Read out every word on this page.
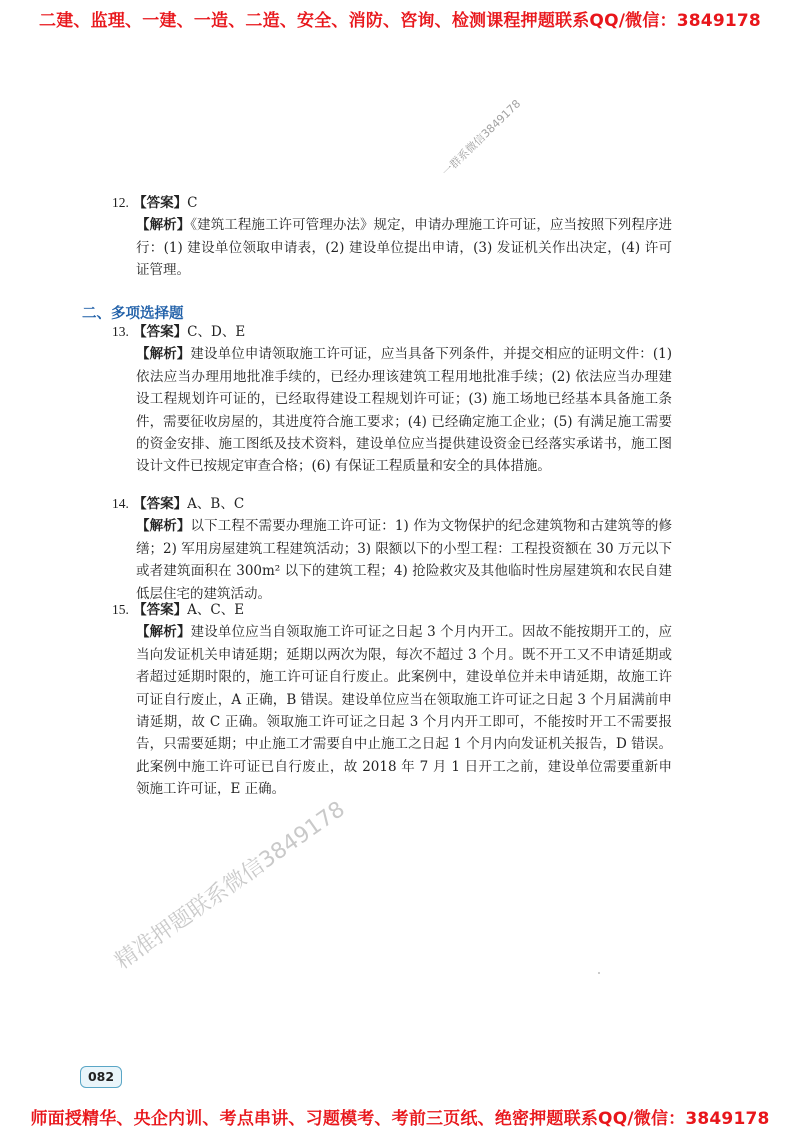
二建、监理、一建、一造、二造、安全、消防、咨询、检测课程押题联系QQ/微信：3849178
一群系微信3849178
12. 【答案】C
【解析】《建筑工程施工许可管理办法》规定，申请办理施工许可证，应当按照下列程序进行：(1) 建设单位领取申请表，(2) 建设单位提出申请，(3) 发证机关作出决定，(4) 许可证管理。
二、多项选择题
13. 【答案】C、D、E
【解析】建设单位申请领取施工许可证，应当具备下列条件，并提交相应的证明文件：(1) 依法应当办理用地批准手续的，已经办理该建筑工程用地批准手续；(2) 依法应当办理建设工程规划许可证的，已经取得建设工程规划许可证；(3) 施工场地已经基本具备施工条件，需要征收房屋的，其进度符合施工要求；(4) 已经确定施工企业；(5) 有满足施工需要的资金安排、施工图纸及技术资料，建设单位应当提供建设资金已经落实承诺书，施工图设计文件已按规定审查合格；(6) 有保证工程质量和安全的具体措施。
14. 【答案】A、B、C
【解析】以下工程不需要办理施工许可证：1) 作为文物保护的纪念建筑物和古建筑等的修缮；2) 军用房屋建筑工程建筑活动；3) 限额以下的小型工程：工程投资额在 30 万元以下或者建筑面积在 300m² 以下的建筑工程；4) 抢险救灾及其他临时性房屋建筑和农民自建低层住宅的建筑活动。
15. 【答案】A、C、E
【解析】建设单位应当自领取施工许可证之日起 3 个月内开工。因故不能按期开工的，应当向发证机关申请延期；延期以两次为限，每次不超过 3 个月。既不开工又不申请延期或者超过延期时限的，施工许可证自行废止。此案例中，建设单位并未申请延期，故施工许可证自行废止，A 正确，B 错误。建设单位应当在领取施工许可证之日起 3 个月届满前申请延期，故 C 正确。领取施工许可证之日起 3 个月内开工即可，不能按时开工不需要报告，只需要延期；中止施工才需要自中止施工之日起 1 个月内向发证机关报告，D 错误。此案例中施工许可证已自行废止，故 2018 年 7 月 1 日开工之前，建设单位需要重新申领施工许可证，E 正确。
精准押题联系微信3849178
082
师面授精华、央企内训、考点串讲、习题模考、考前三页纸、绝密押题联系QQ/微信：3849178
